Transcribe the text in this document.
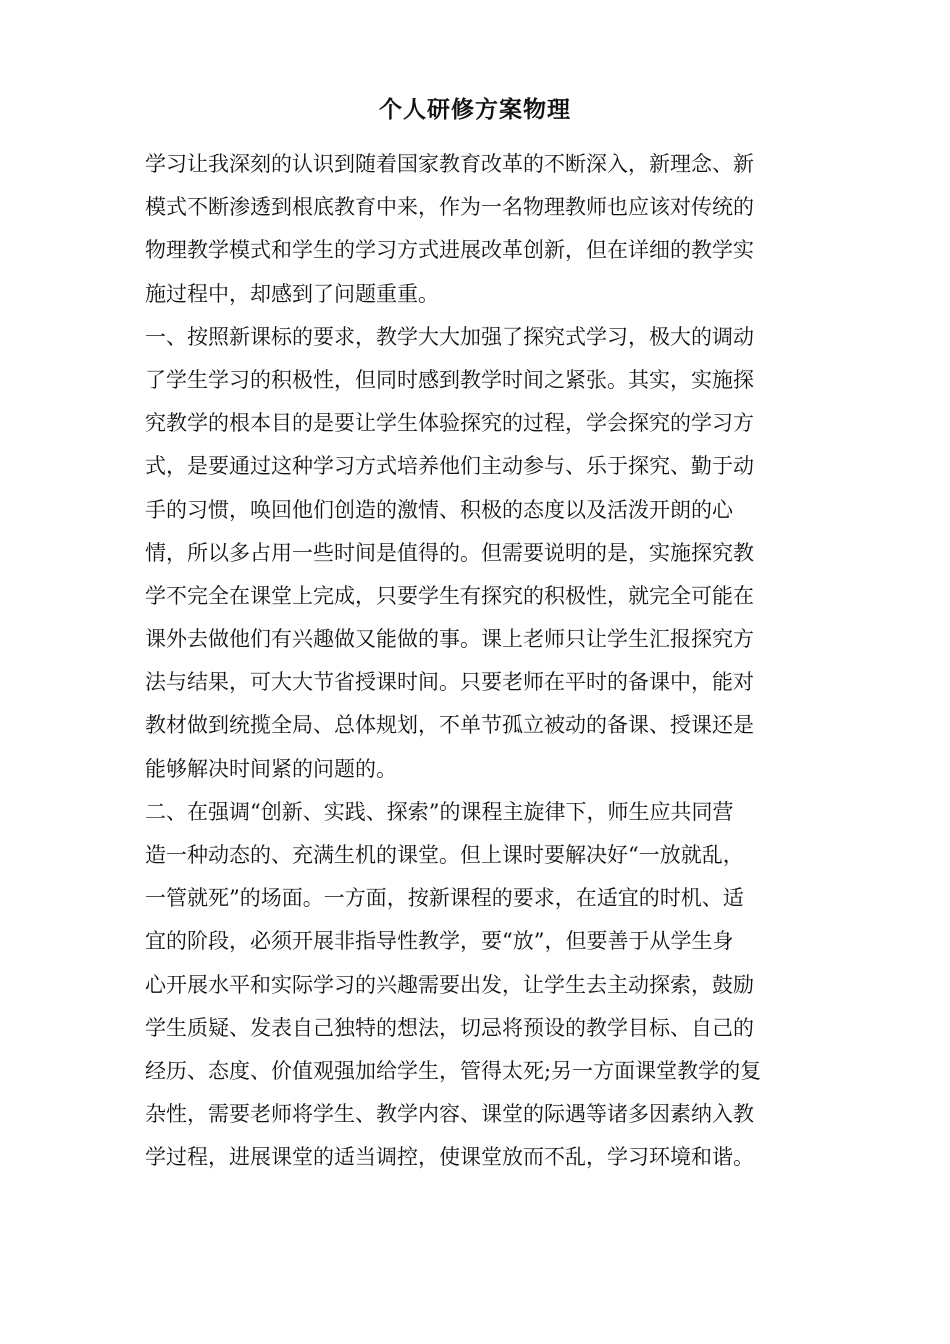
个人研修方案物理
学习让我深刻的认识到随着国家教育改革的不断深入，新理念、新
模式不断渗透到根底教育中来，作为一名物理教师也应该对传统的
物理教学模式和学生的学习方式进展改革创新，但在详细的教学实
施过程中，却感到了问题重重。
一、按照新课标的要求，教学大大加强了探究式学习，极大的调动
了学生学习的积极性，但同时感到教学时间之紧张。其实，实施探
究教学的根本目的是要让学生体验探究的过程，学会探究的学习方
式，是要通过这种学习方式培养他们主动参与、乐于探究、勤于动
手的习惯，唤回他们创造的激情、积极的态度以及活泼开朗的心
情，所以多占用一些时间是值得的。但需要说明的是，实施探究教
学不完全在课堂上完成，只要学生有探究的积极性，就完全可能在
课外去做他们有兴趣做又能做的事。课上老师只让学生汇报探究方
法与结果，可大大节省授课时间。只要老师在平时的备课中，能对
教材做到统揽全局、总体规划，不单节孤立被动的备课、授课还是
能够解决时间紧的问题的。
二、在强调“创新、实践、探索”的课程主旋律下，师生应共同营
造一种动态的、充满生机的课堂。但上课时要解决好“一放就乱，
一管就死”的场面。一方面，按新课程的要求，在适宜的时机、适
宜的阶段，必须开展非指导性教学，要“放”，但要善于从学生身
心开展水平和实际学习的兴趣需要出发，让学生去主动探索，鼓励
学生质疑、发表自己独特的想法，切忌将预设的教学目标、自己的
经历、态度、价值观强加给学生，管得太死;另一方面课堂教学的复
杂性，需要老师将学生、教学内容、课堂的际遇等诸多因素纳入教
学过程，进展课堂的适当调控，使课堂放而不乱，学习环境和谐。
